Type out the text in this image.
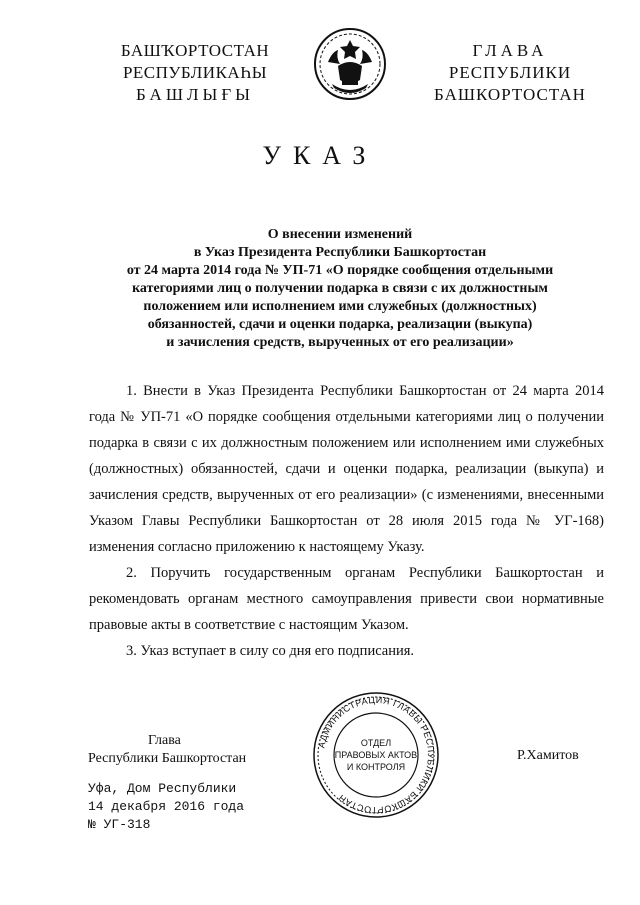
БАШҠОРТОСТАН
РЕСПУБЛИКАҺЫ
БАШЛЫҒЫ
ГЛАВА
РЕСПУБЛИКИ
БАШКОРТОСТАН
УКАЗ
О внесении изменений
в Указ Президента Республики Башкортостан
от 24 марта 2014 года № УП-71 «О порядке сообщения отдельными
категориями лиц о получении подарка в связи с их должностным
положением или исполнением ими служебных (должностных)
обязанностей, сдачи и оценки подарка, реализации (выкупа)
и зачисления средств, вырученных от его реализации»

1. Внести в Указ Президента Республики Башкортостан от 24 марта 2014 года № УП-71 «О порядке сообщения отдельными категориями лиц о получении подарка в связи с их должностным положением или исполнением ими служебных (должностных) обязанностей, сдачи и оценки подарка, реализации (выкупа) и зачисления средств, вырученных от его реализации» (с изменениями, внесенными Указом Главы Республики Башкортостан от 28 июля 2015 года № УГ-168) изменения согласно приложению к настоящему Указу.

2. Поручить государственным органам Республики Башкортостан и рекомендовать органам местного самоуправления привести свои нормативные правовые акты в соответствие с настоящим Указом.

3. Указ вступает в силу со дня его подписания.

Глава
Республики Башкортостан
АДМИНИСТРАЦИЯ ГЛАВЫ РЕСПУБЛИКИ БАШКОРТОСТАН
ОТДЕЛ
ПРАВОВЫХ АКТОВ
И КОНТРОЛЯ
Р.Хамитов
Уфа, Дом Республики
14 декабря 2016 года
№ УГ-318
